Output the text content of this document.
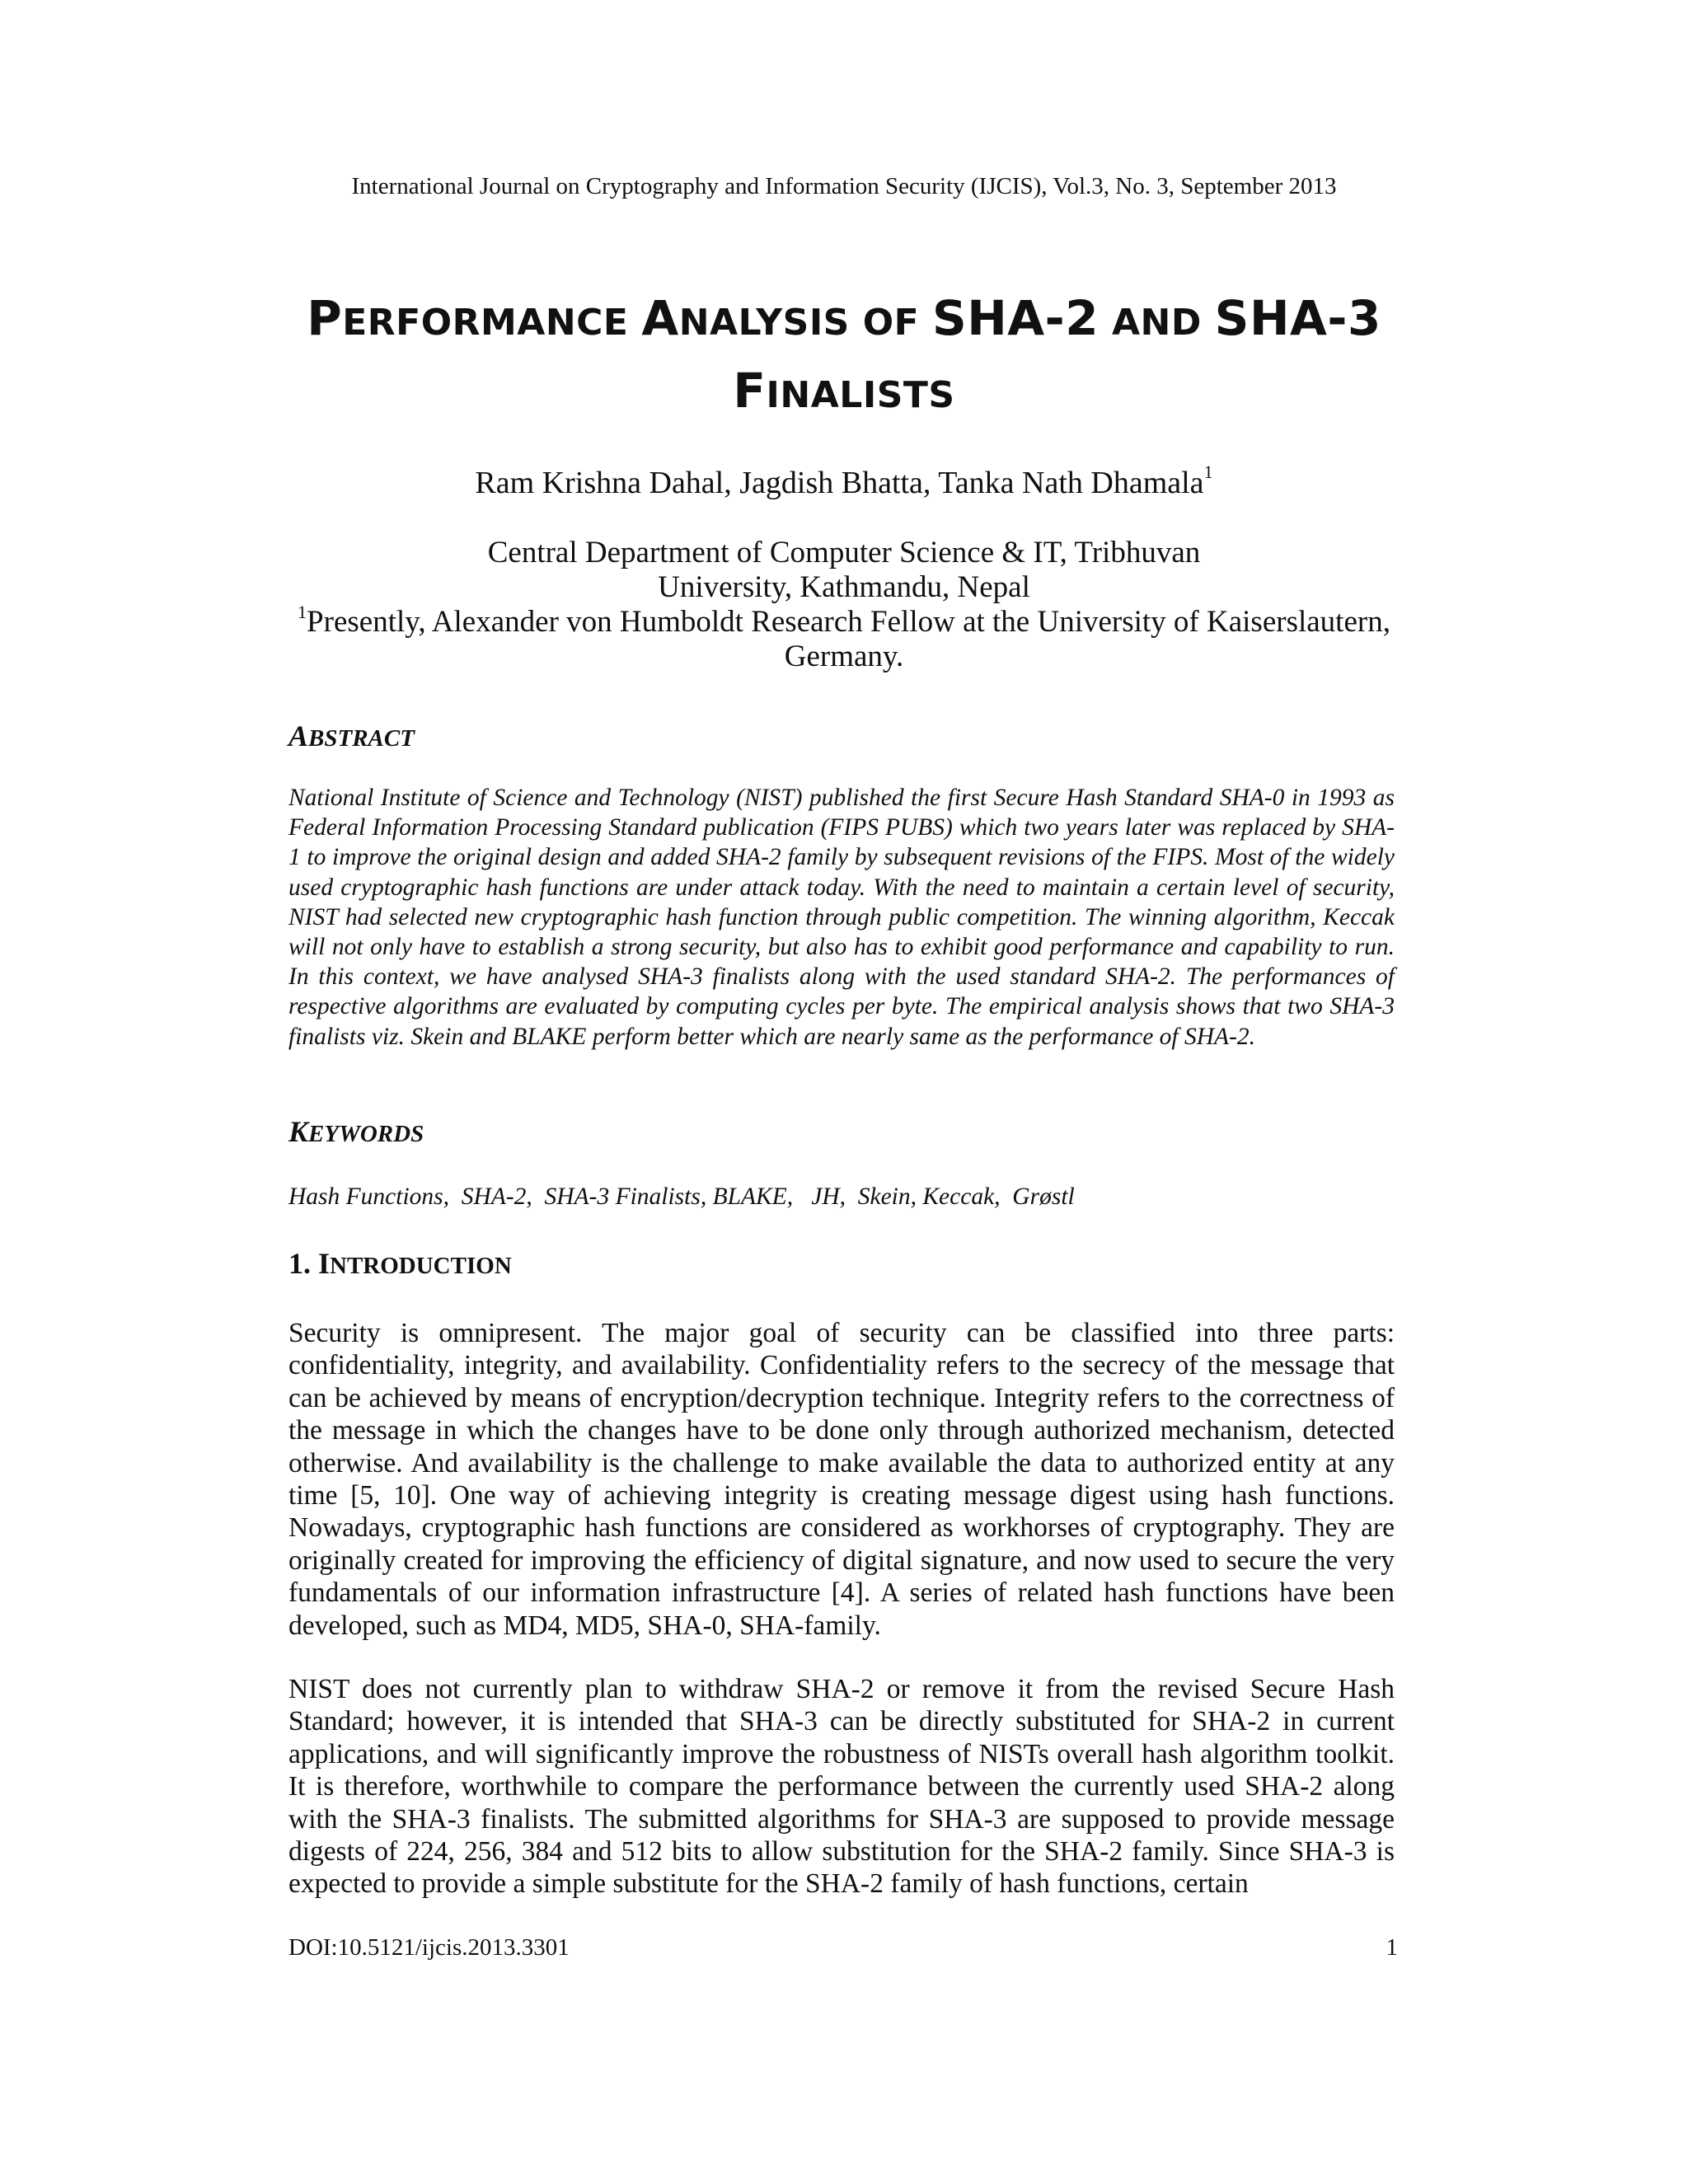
International Journal on Cryptography and Information Security (IJCIS), Vol.3, No. 3, September 2013
PERFORMANCE ANALYSIS OF SHA-2 AND SHA-3
FINALISTS
Ram Krishna Dahal, Jagdish Bhatta, Tanka Nath Dhamala$^1$
Central Department of Computer Science & IT, Tribhuvan
University, Kathmandu, Nepal
$^1$Presently, Alexander von Humboldt Research Fellow at the University of Kaiserslautern,
Germany.
ABSTRACT
National Institute of Science and Technology (NIST) published the first Secure Hash Standard SHA-0 in 1993 as Federal Information Processing Standard publication (FIPS PUBS) which two years later was replaced by SHA-1 to improve the original design and added SHA-2 family by subsequent revisions of the FIPS. Most of the widely used cryptographic hash functions are under attack today. With the need to maintain a certain level of security, NIST had selected new cryptographic hash function through public competition. The winning algorithm, Keccak will not only have to establish a strong security, but also has to exhibit good performance and capability to run. In this context, we have analysed SHA-3 finalists along with the used standard SHA-2. The performances of respective algorithms are evaluated by computing cycles per byte. The empirical analysis shows that two SHA-3 finalists viz. Skein and BLAKE perform better which are nearly same as the performance of SHA-2.
KEYWORDS
Hash Functions,  SHA-2,  SHA-3 Finalists, BLAKE,   JH,  Skein, Keccak,  Grøstl
1. INTRODUCTION
Security is omnipresent. The major goal of security can be classified into three parts: confidentiality, integrity, and availability. Confidentiality refers to the secrecy of the message that can be achieved by means of encryption/decryption technique. Integrity refers to the correctness of the message in which the changes have to be done only through authorized mechanism, detected otherwise. And availability is the challenge to make available the data to authorized entity at any time [5, 10]. One way of achieving integrity is creating message digest using hash functions. Nowadays, cryptographic hash functions are considered as workhorses of cryptography. They are originally created for improving the efficiency of digital signature, and now used to secure the very fundamentals of our information infrastructure [4]. A series of related hash functions have been developed, such as MD4, MD5, SHA-0, SHA-family.
NIST does not currently plan to withdraw SHA-2 or remove it from the revised Secure Hash Standard; however, it is intended that SHA-3 can be directly substituted for SHA-2 in current applications, and will significantly improve the robustness of NISTs overall hash algorithm toolkit. It is therefore, worthwhile to compare the performance between the currently used SHA-2 along with the SHA-3 finalists. The submitted algorithms for SHA-3 are supposed to provide message digests of 224, 256, 384 and 512 bits to allow substitution for the SHA-2 family. Since SHA-3 is expected to provide a simple substitute for the SHA-2 family of hash functions, certain
DOI:10.5121/ijcis.2013.3301	1
